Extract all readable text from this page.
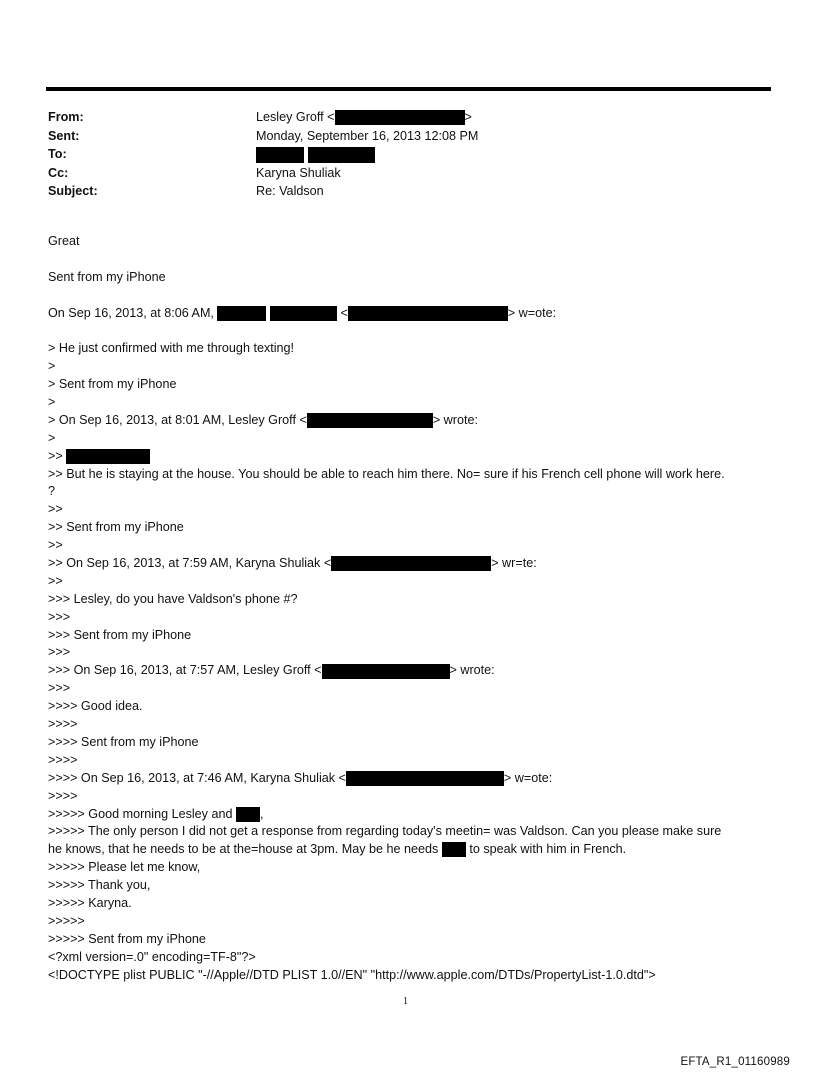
From:	Lesley Groff <	>
Sent:	Monday, September 16, 2013 12:08 PM
To:

Cc:	Karyna Shuliak
Subject:	Re: Valdson
Great
Sent from my iPhone
On Sep 16, 2013, at 8:06 AM,	<	> w=ote:
> He just confirmed with me through texting!
>
> Sent from my iPhone
>
> On Sep 16, 2013, at 8:01 AM, Lesley Groff <	> wrote:
>
>>
>> But he is staying at the house. You should be able to reach him there. No= sure if his French cell phone will work here.
?
>>
>> Sent from my iPhone
>>
>> On Sep 16, 2013, at 7:59 AM, Karyna Shuliak <	> wr=te:
>>
>>> Lesley, do you have Valdson's phone #?
>>>
>>> Sent from my iPhone
>>>
>>> On Sep 16, 2013, at 7:57 AM, Lesley Groff <	> wrote:
>>>
>>>> Good idea.
>>>>
>>>> Sent from my iPhone
>>>>
>>>> On Sep 16, 2013, at 7:46 AM, Karyna Shuliak <	> w=ote:
>>>>
>>>>> Good morning Lesley and ,
>>>>> The only person I did not get a response from regarding today's meetin= was Valdson. Can you please make sure
he knows, that he needs to be at the=house at 3pm. May be he needs to speak with him in French.
>>>>> Please let me know,
>>>>> Thank you,
>>>>> Karyna.
>>>>>
>>>>> Sent from my iPhone
<?xml version=.0" encoding=TF-8"?>
<!DOCTYPE plist PUBLIC "-//Apple//DTD PLIST 1.0//EN" "http://www.apple.com/DTDs/PropertyList-1.0.dtd">
1
EFTA_R1_01160989
